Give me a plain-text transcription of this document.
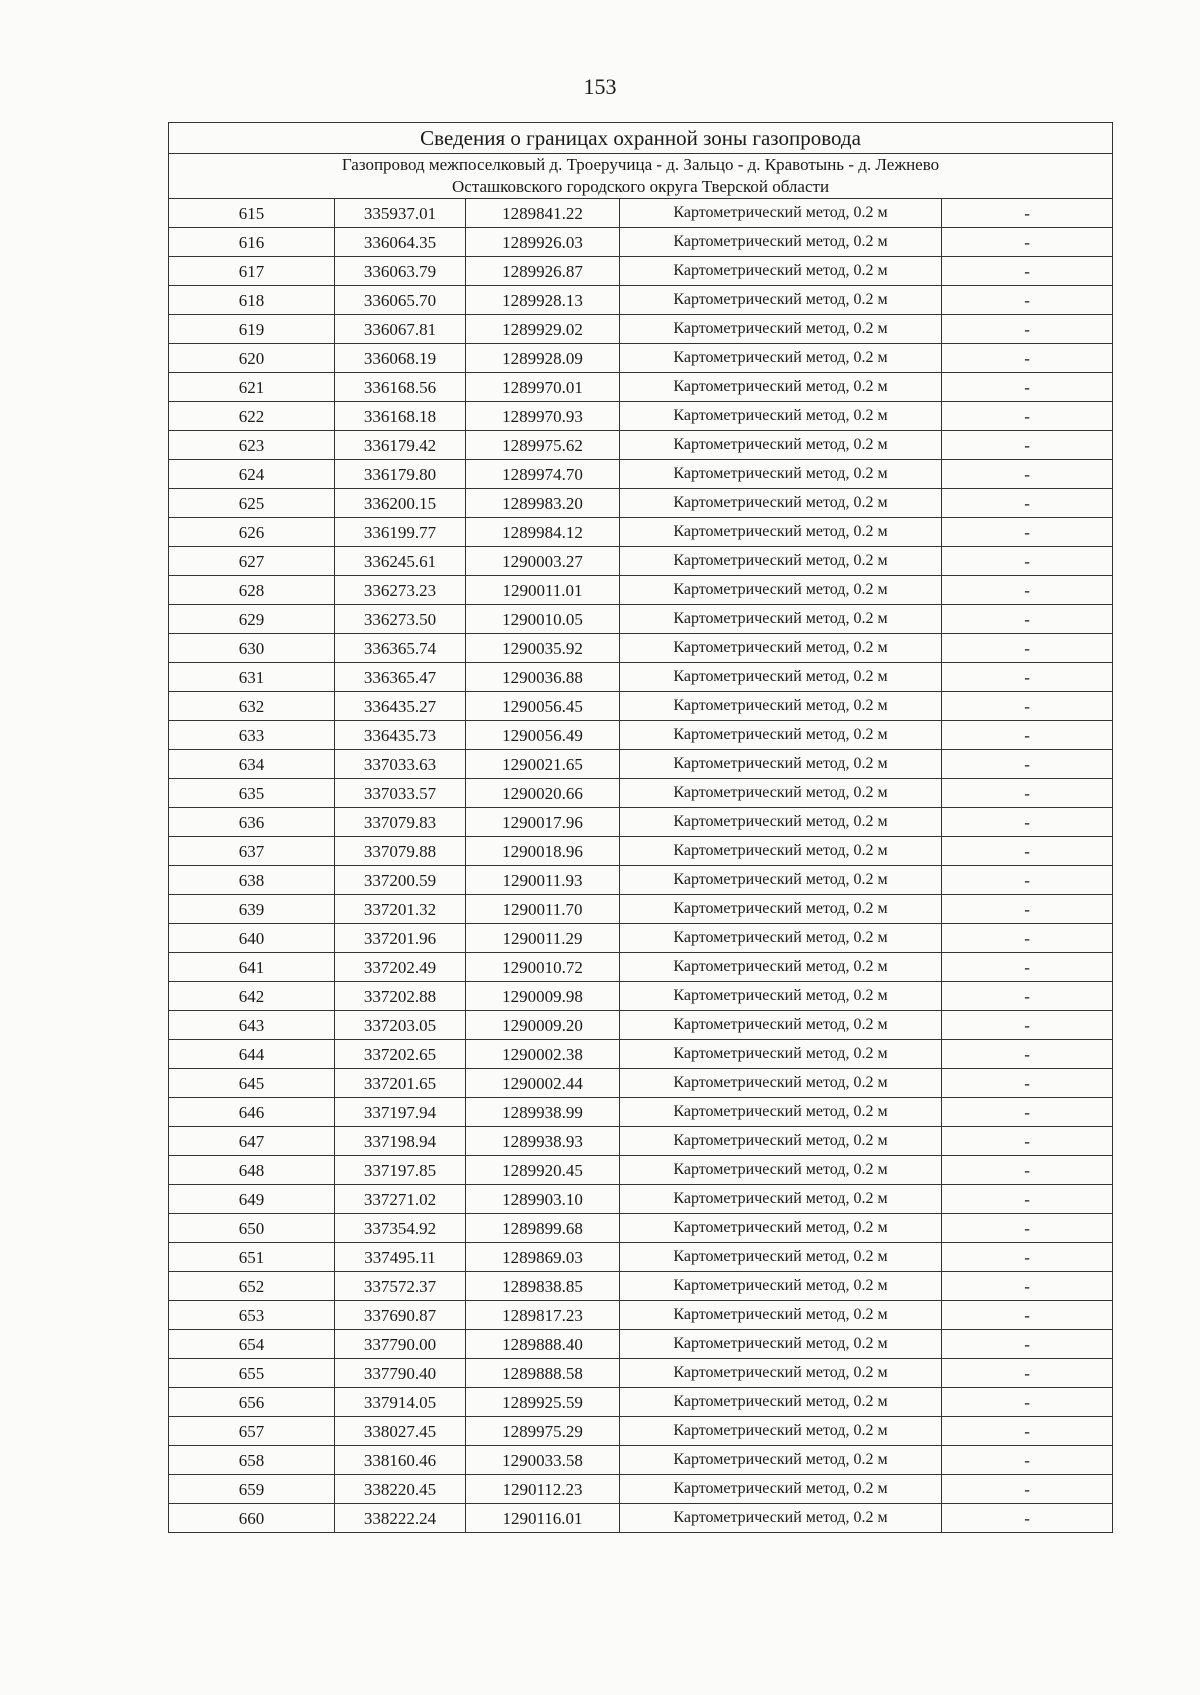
153
Сведения о границах охранной зоны газопровода				

Газопровод межпоселковый д. Троеручица - д. Зальцо - д. Кравотынь - д. Лежнево
Осташковского городского округа Тверской области				

615	335937.01	1289841.22	Картометрический метод, 0.2 м	-
616	336064.35	1289926.03	Картометрический метод, 0.2 м	-
617	336063.79	1289926.87	Картометрический метод, 0.2 м	-
618	336065.70	1289928.13	Картометрический метод, 0.2 м	-
619	336067.81	1289929.02	Картометрический метод, 0.2 м	-
620	336068.19	1289928.09	Картометрический метод, 0.2 м	-
621	336168.56	1289970.01	Картометрический метод, 0.2 м	-
622	336168.18	1289970.93	Картометрический метод, 0.2 м	-
623	336179.42	1289975.62	Картометрический метод, 0.2 м	-
624	336179.80	1289974.70	Картометрический метод, 0.2 м	-
625	336200.15	1289983.20	Картометрический метод, 0.2 м	-
626	336199.77	1289984.12	Картометрический метод, 0.2 м	-
627	336245.61	1290003.27	Картометрический метод, 0.2 м	-
628	336273.23	1290011.01	Картометрический метод, 0.2 м	-
629	336273.50	1290010.05	Картометрический метод, 0.2 м	-
630	336365.74	1290035.92	Картометрический метод, 0.2 м	-
631	336365.47	1290036.88	Картометрический метод, 0.2 м	-
632	336435.27	1290056.45	Картометрический метод, 0.2 м	-
633	336435.73	1290056.49	Картометрический метод, 0.2 м	-
634	337033.63	1290021.65	Картометрический метод, 0.2 м	-
635	337033.57	1290020.66	Картометрический метод, 0.2 м	-
636	337079.83	1290017.96	Картометрический метод, 0.2 м	-
637	337079.88	1290018.96	Картометрический метод, 0.2 м	-
638	337200.59	1290011.93	Картометрический метод, 0.2 м	-
639	337201.32	1290011.70	Картометрический метод, 0.2 м	-
640	337201.96	1290011.29	Картометрический метод, 0.2 м	-
641	337202.49	1290010.72	Картометрический метод, 0.2 м	-
642	337202.88	1290009.98	Картометрический метод, 0.2 м	-
643	337203.05	1290009.20	Картометрический метод, 0.2 м	-
644	337202.65	1290002.38	Картометрический метод, 0.2 м	-
645	337201.65	1290002.44	Картометрический метод, 0.2 м	-
646	337197.94	1289938.99	Картометрический метод, 0.2 м	-
647	337198.94	1289938.93	Картометрический метод, 0.2 м	-
648	337197.85	1289920.45	Картометрический метод, 0.2 м	-
649	337271.02	1289903.10	Картометрический метод, 0.2 м	-
650	337354.92	1289899.68	Картометрический метод, 0.2 м	-
651	337495.11	1289869.03	Картометрический метод, 0.2 м	-
652	337572.37	1289838.85	Картометрический метод, 0.2 м	-
653	337690.87	1289817.23	Картометрический метод, 0.2 м	-
654	337790.00	1289888.40	Картометрический метод, 0.2 м	-
655	337790.40	1289888.58	Картометрический метод, 0.2 м	-
656	337914.05	1289925.59	Картометрический метод, 0.2 м	-
657	338027.45	1289975.29	Картометрический метод, 0.2 м	-
658	338160.46	1290033.58	Картометрический метод, 0.2 м	-
659	338220.45	1290112.23	Картометрический метод, 0.2 м	-
660	338222.24	1290116.01	Картометрический метод, 0.2 м	-
